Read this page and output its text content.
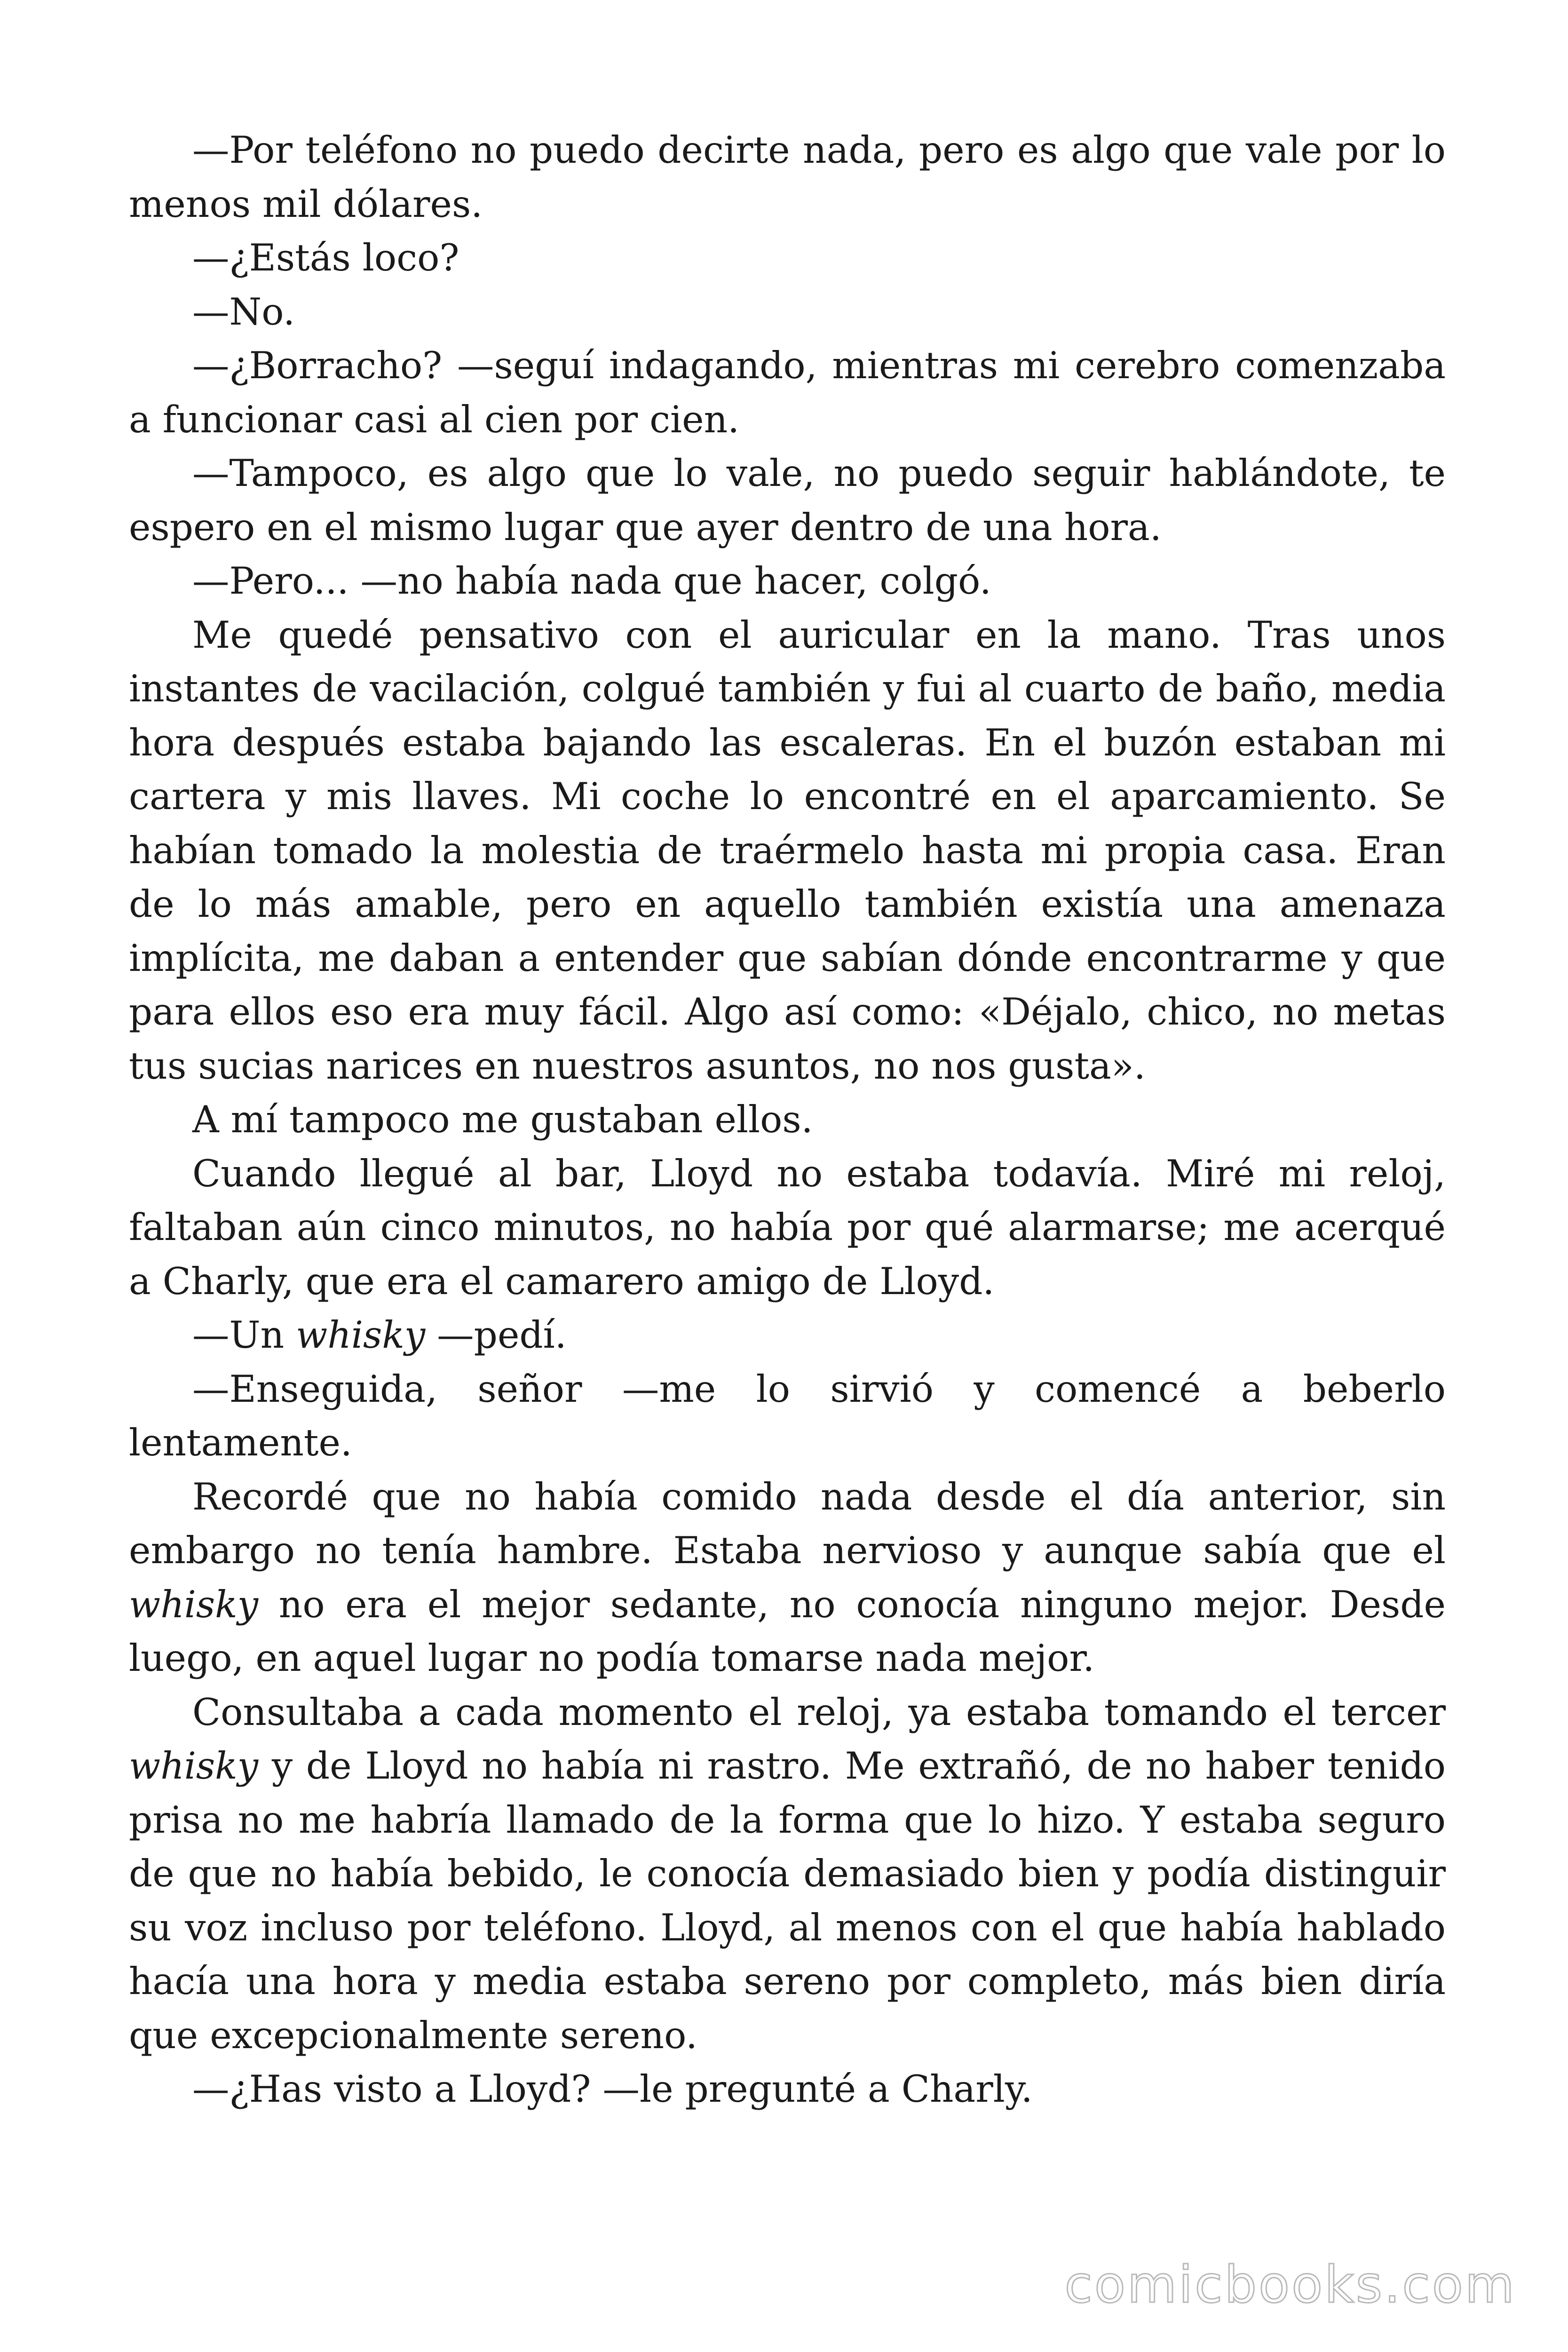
—Por teléfono no puedo decirte nada, pero es algo que vale por lo menos mil dólares.

—¿Estás loco?

—No.

—¿Borracho? —seguí indagando, mientras mi cerebro comenzaba a funcionar casi al cien por cien.

—Tampoco, es algo que lo vale, no puedo seguir hablándote, te espero en el mismo lugar que ayer dentro de una hora.

—Pero... —no había nada que hacer, colgó.

Me quedé pensativo con el auricular en la mano. Tras unos instantes de vacilación, colgué también y fui al cuarto de baño, media hora después estaba bajando las escaleras. En el buzón estaban mi cartera y mis llaves. Mi coche lo encontré en el aparcamiento. Se habían tomado la molestia de traérmelo hasta mi propia casa. Eran de lo más amable, pero en aquello también existía una amenaza implícita, me daban a entender que sabían dónde encontrarme y que para ellos eso era muy fácil. Algo así como: «Déjalo, chico, no metas tus sucias narices en nuestros asuntos, no nos gusta».

A mí tampoco me gustaban ellos.

Cuando llegué al bar, Lloyd no estaba todavía. Miré mi reloj, faltaban aún cinco minutos, no había por qué alarmarse; me acerqué a Charly, que era el camarero amigo de Lloyd.

—Un whisky —pedí.

—Enseguida, señor —me lo sirvió y comencé a beberlo lentamente.

Recordé que no había comido nada desde el día anterior, sin embargo no tenía hambre. Estaba nervioso y aunque sabía que el whisky no era el mejor sedante, no conocía ninguno mejor. Desde luego, en aquel lugar no podía tomarse nada mejor.

Consultaba a cada momento el reloj, ya estaba tomando el tercer whisky y de Lloyd no había ni rastro. Me extrañó, de no haber tenido prisa no me habría llamado de la forma que lo hizo. Y estaba seguro de que no había bebido, le conocía demasiado bien y podía distinguir su voz incluso por teléfono. Lloyd, al menos con el que había hablado hacía una hora y media estaba sereno por completo, más bien diría que excepcionalmente sereno.

—¿Has visto a Lloyd? —le pregunté a Charly.

comicbooks.com
